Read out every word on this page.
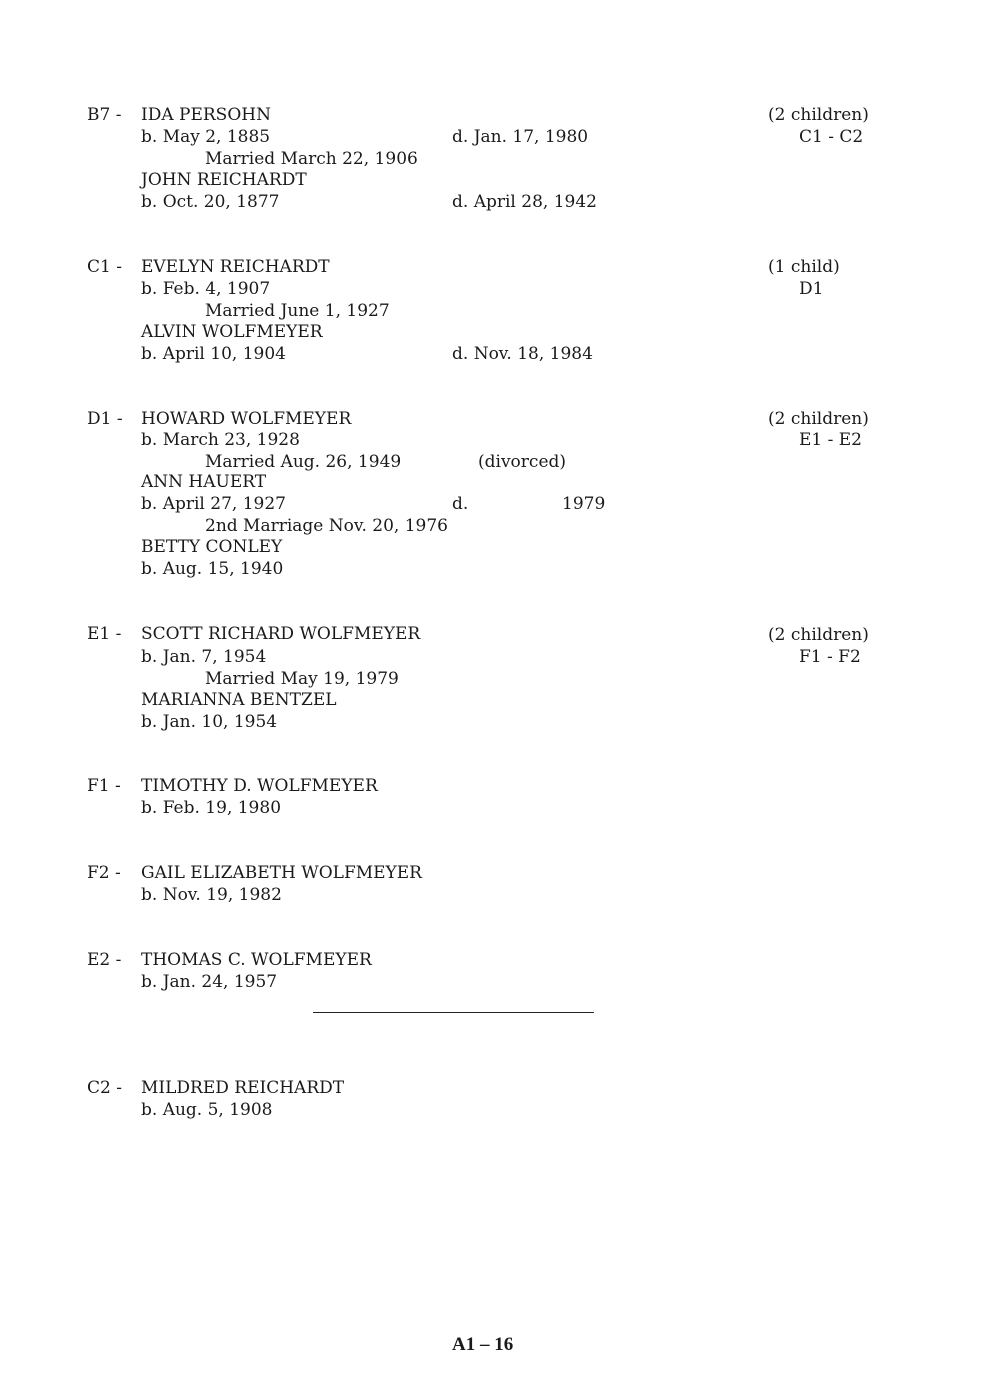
B7 - IDA PERSOHN	(2 children)
b. May 2, 1885	d. Jan. 17, 1980	C1 - C2
Married March 22, 1906
JOHN REICHARDT
b. Oct. 20, 1877	d. April 28, 1942
C1 - EVELYN REICHARDT	(1 child)
b. Feb. 4, 1907	D1
Married June 1, 1927
ALVIN WOLFMEYER
b. April 10, 1904	d. Nov. 18, 1984
D1 - HOWARD WOLFMEYER	(2 children)
b. March 23, 1928	E1 - E2
Married Aug. 26, 1949	(divorced)
ANN HAUERT
b. April 27, 1927	d.	1979
2nd Marriage Nov. 20, 1976
BETTY CONLEY
b. Aug. 15, 1940
E1 - SCOTT RICHARD WOLFMEYER	(2 children)
b. Jan. 7, 1954	F1 - F2
Married May 19, 1979
MARIANNA BENTZEL
b. Jan. 10, 1954
F1 - TIMOTHY D. WOLFMEYER
b. Feb. 19, 1980
F2 - GAIL ELIZABETH WOLFMEYER
b. Nov. 19, 1982
E2 - THOMAS C. WOLFMEYER
b. Jan. 24, 1957
C2 - MILDRED REICHARDT
b. Aug. 5, 1908
A1 – 16
